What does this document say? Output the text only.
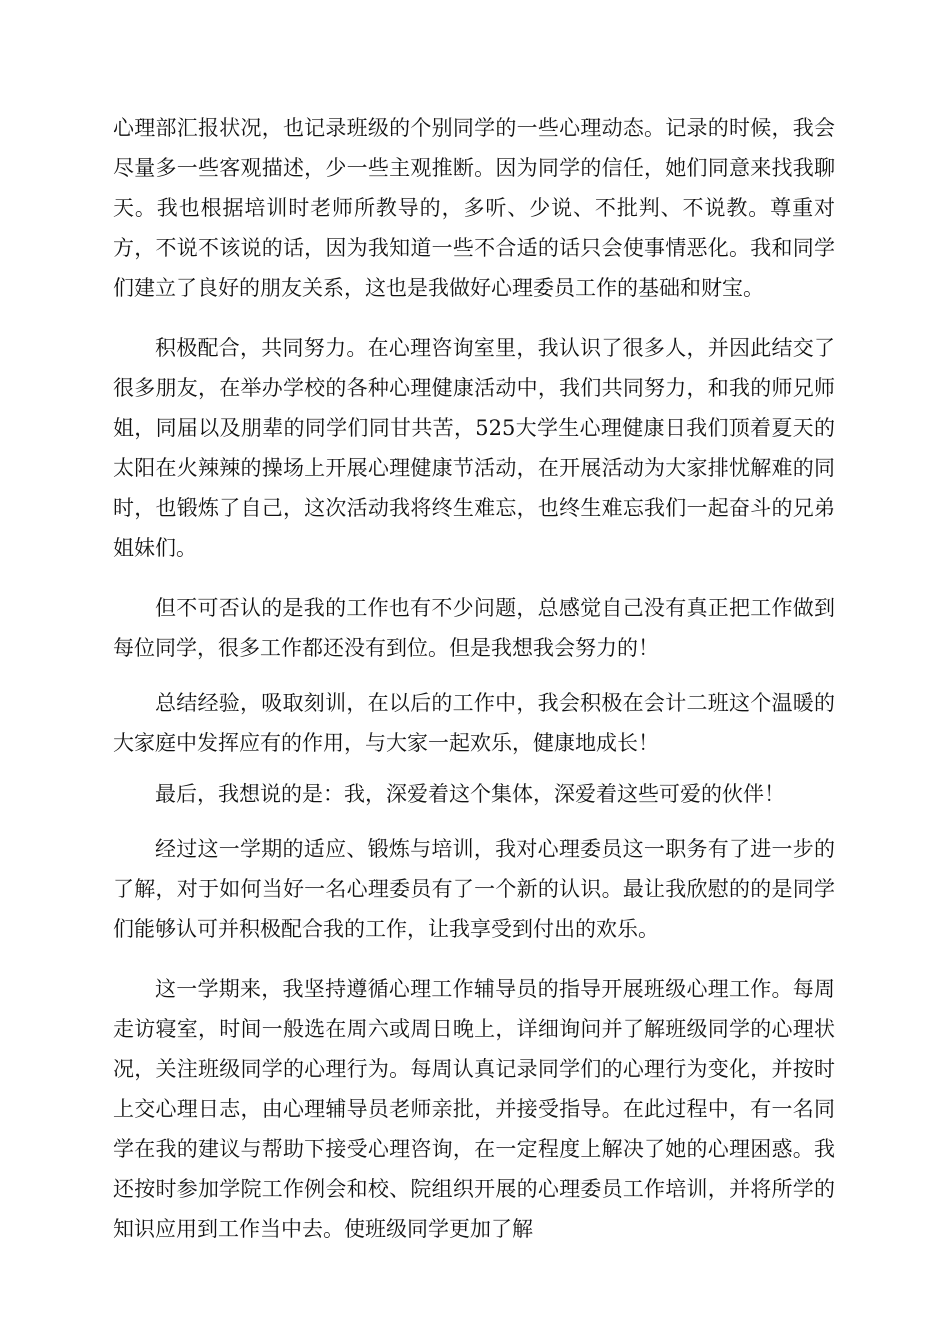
心理部汇报状况，也记录班级的个别同学的一些心理动态。记录的时候，我会尽量多一些客观描述，少一些主观推断。因为同学的信任，她们同意来找我聊天。我也根据培训时老师所教导的，多听、少说、不批判、不说教。尊重对方，不说不该说的话，因为我知道一些不合适的话只会使事情恶化。我和同学们建立了良好的朋友关系，这也是我做好心理委员工作的基础和财宝。

积极配合，共同努力。在心理咨询室里，我认识了很多人，并因此结交了很多朋友，在举办学校的各种心理健康活动中，我们共同努力，和我的师兄师姐，同届以及朋辈的同学们同甘共苦，525大学生心理健康日我们顶着夏天的太阳在火辣辣的操场上开展心理健康节活动，在开展活动为大家排忧解难的同时，也锻炼了自己，这次活动我将终生难忘，也终生难忘我们一起奋斗的兄弟姐妹们。

但不可否认的是我的工作也有不少问题，总感觉自己没有真正把工作做到每位同学，很多工作都还没有到位。但是我想我会努力的！

总结经验，吸取刻训，在以后的工作中，我会积极在会计二班这个温暖的大家庭中发挥应有的作用，与大家一起欢乐，健康地成长！

最后，我想说的是：我，深爱着这个集体，深爱着这些可爱的伙伴！

经过这一学期的适应、锻炼与培训，我对心理委员这一职务有了进一步的了解，对于如何当好一名心理委员有了一个新的认识。最让我欣慰的的是同学们能够认可并积极配合我的工作，让我享受到付出的欢乐。

这一学期来，我坚持遵循心理工作辅导员的指导开展班级心理工作。每周走访寝室，时间一般选在周六或周日晚上，详细询问并了解班级同学的心理状况，关注班级同学的心理行为。每周认真记录同学们的心理行为变化，并按时上交心理日志，由心理辅导员老师亲批，并接受指导。在此过程中，有一名同学在我的建议与帮助下接受心理咨询，在一定程度上解决了她的心理困惑。我还按时参加学院工作例会和校、院组织开展的心理委员工作培训，并将所学的知识应用到工作当中去。使班级同学更加了解
